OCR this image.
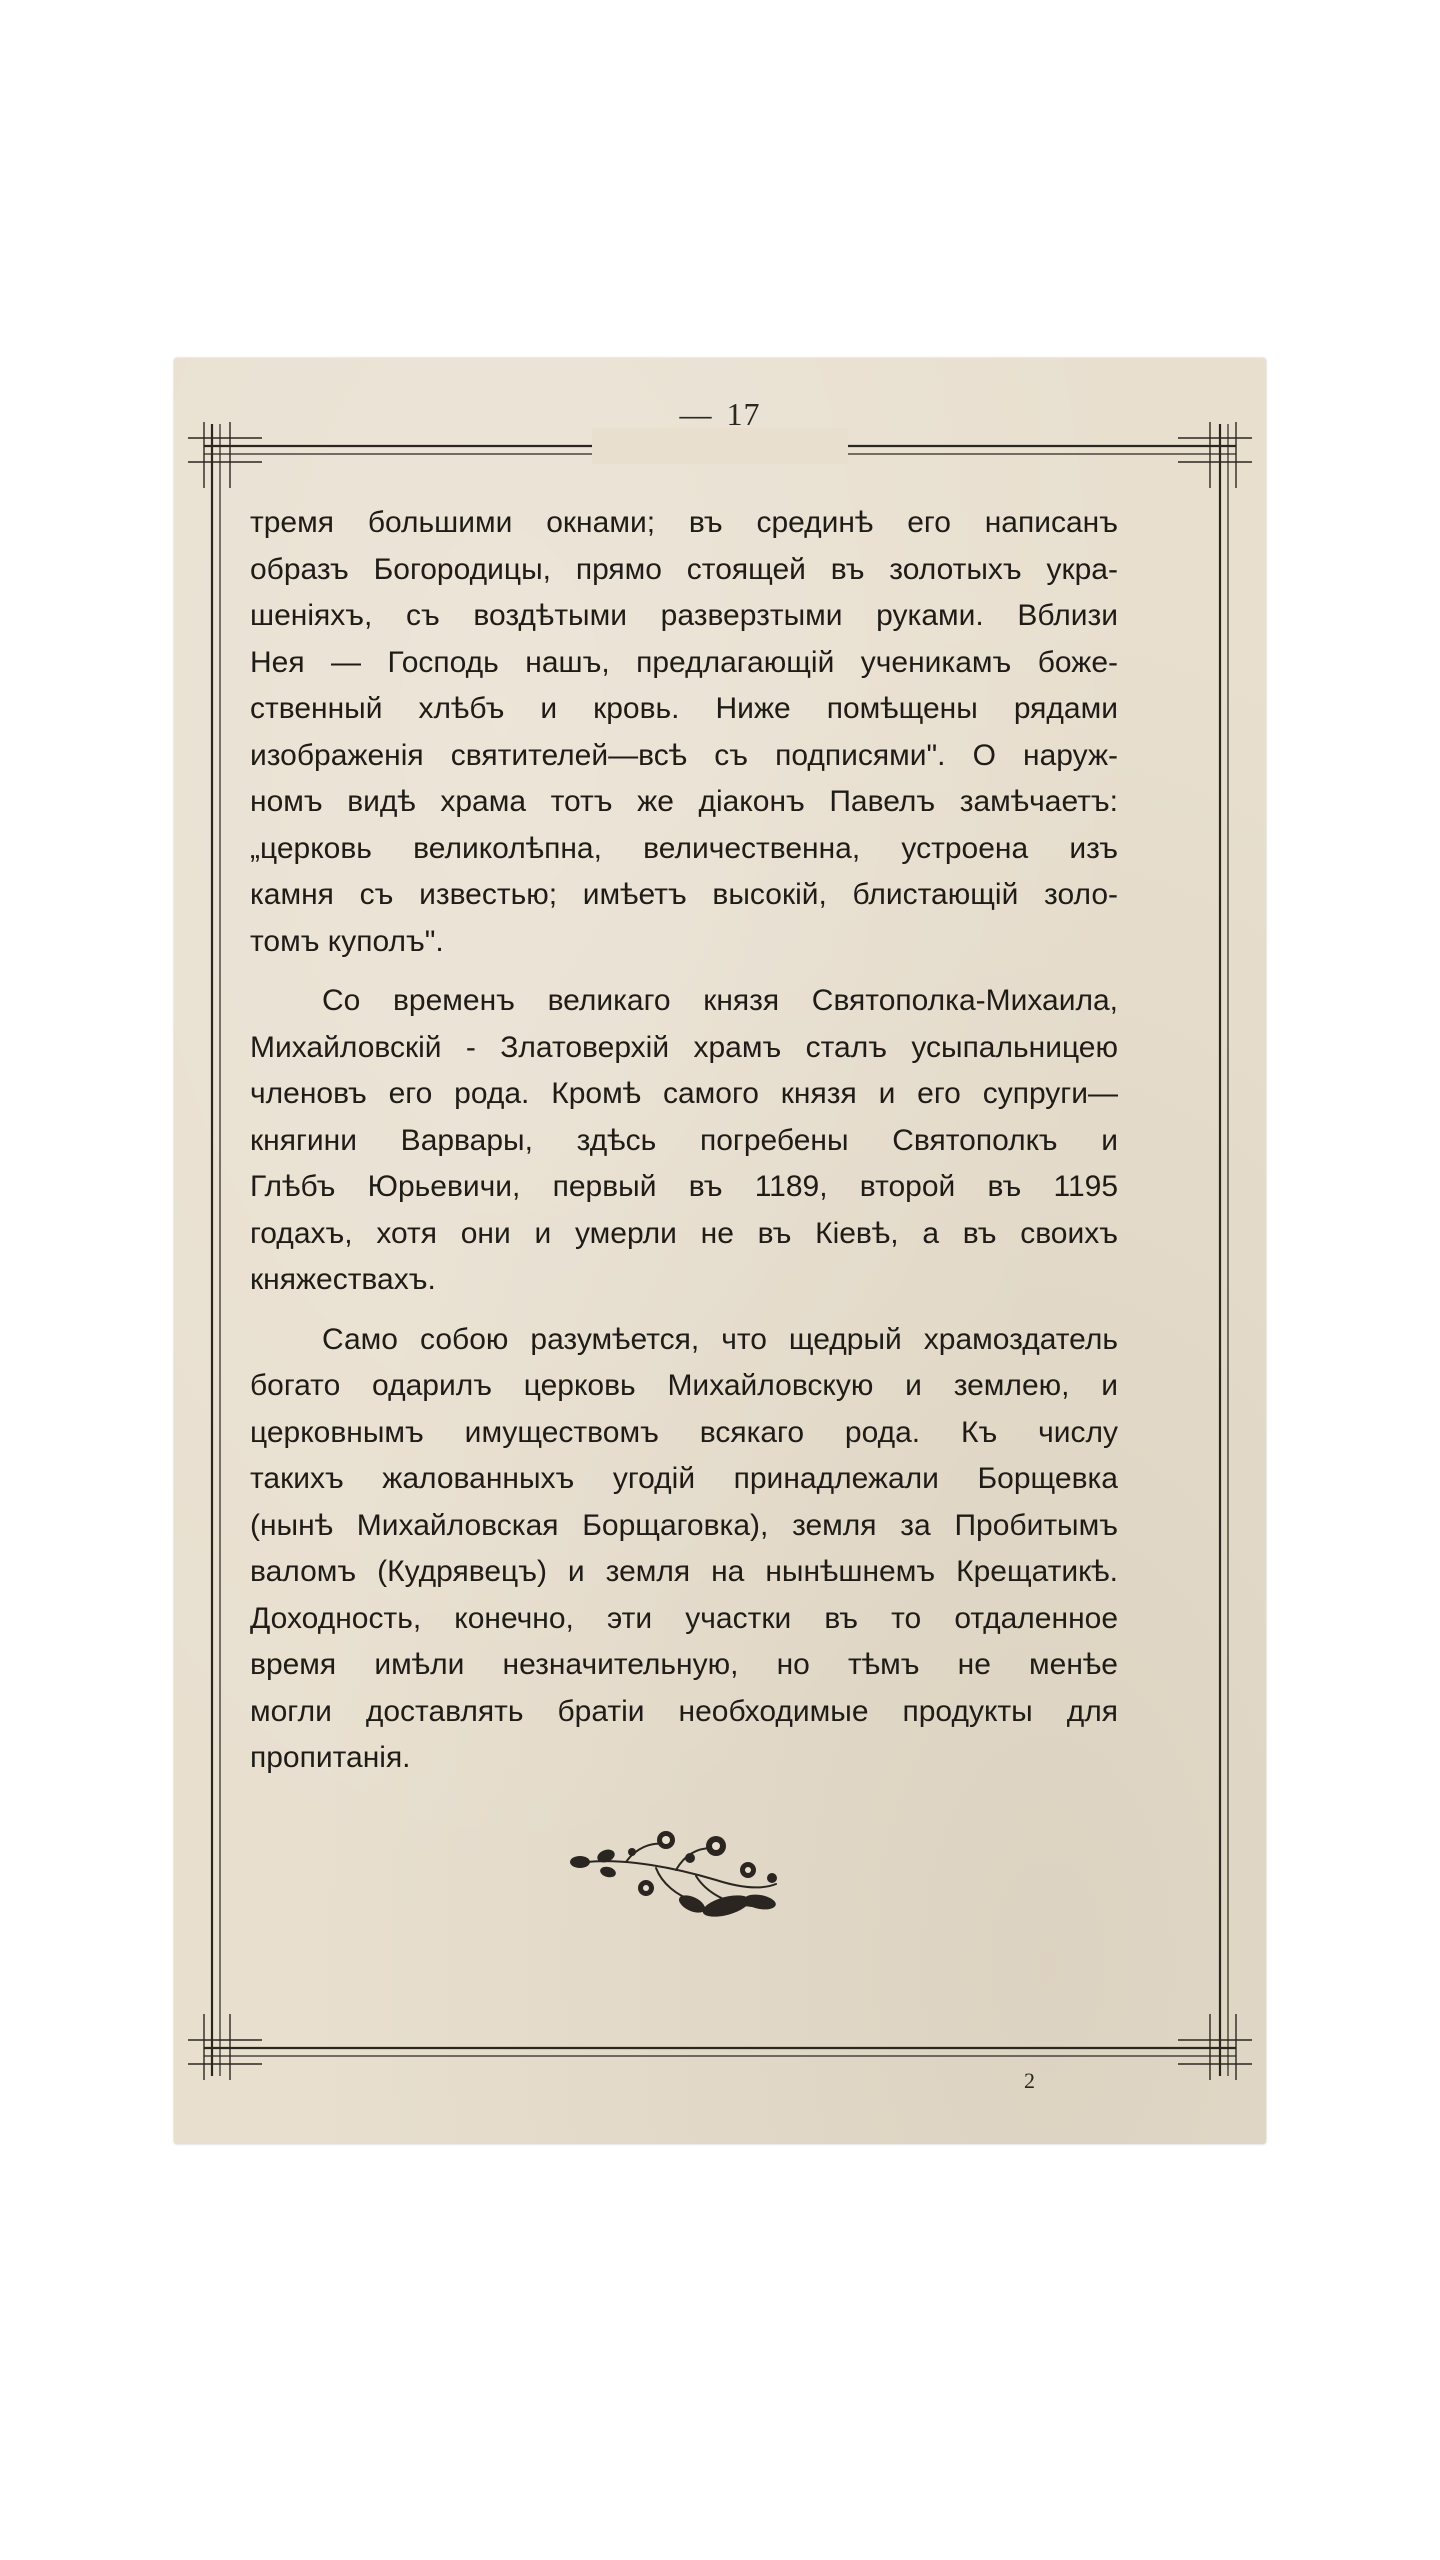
— 17

тремя большими окнами; въ срединѣ его написанъ
образъ Богородицы, прямо стоящей въ золотыхъ укра-
шеніяхъ, съ воздѣтыми разверзтыми руками. Вблизи
Нея — Господь нашъ, предлагающій ученикамъ боже-
ственный хлѣбъ и кровь. Ниже помѣщены рядами
изображенія святителей—всѣ съ подписями". О наруж-
номъ видѣ храма тотъ же діаконъ Павелъ замѣчаетъ:
„церковь великолѣпна, величественна, устроена изъ
камня съ известью; имѣетъ высокій, блистающій золо-
томъ куполъ".

Со временъ великаго князя Святополка-Михаила,
Михайловскій - Златоверхій храмъ сталъ усыпальницею
членовъ его рода. Кромѣ самого князя и его супруги—
княгини Варвары, здѣсь погребены Святополкъ и
Глѣбъ Юрьевичи, первый въ 1189, второй въ 1195
годахъ, хотя они и умерли не въ Кіевѣ, а въ своихъ
княжествахъ.

Само собою разумѣется, что щедрый храмоздатель
богато одарилъ церковь Михайловскую и землею, и
церковнымъ имуществомъ всякаго рода. Къ числу
такихъ жалованныхъ угодій принадлежали Борщевка
(нынѣ Михайловская Борщаговка), земля за Пробитымъ
валомъ (Кудрявецъ) и земля на нынѣшнемъ Крещатикѣ.
Доходность, конечно, эти участки въ то отдаленное
время имѣли незначительную, но тѣмъ не менѣе
могли доставлять братіи необходимые продукты для
пропитанія.

2
